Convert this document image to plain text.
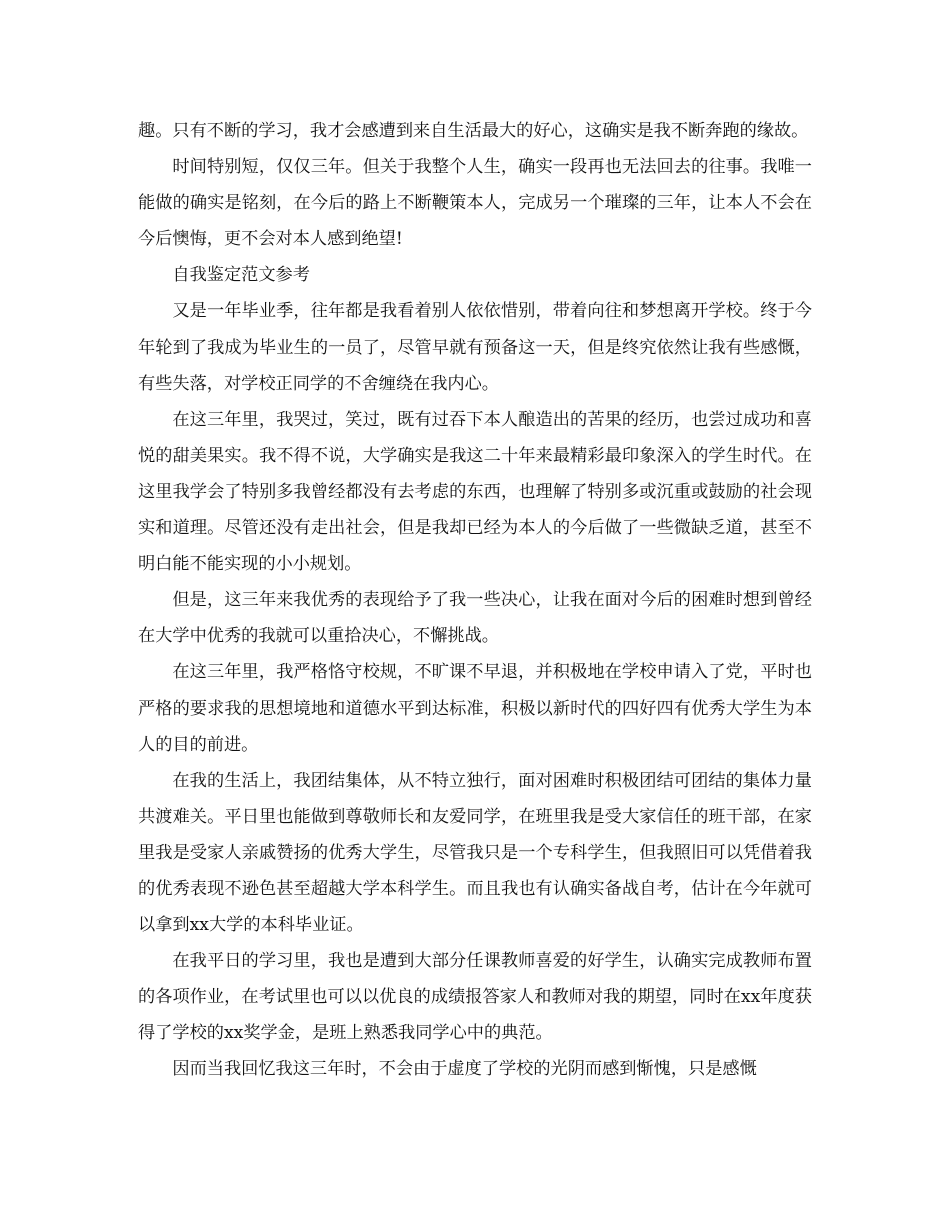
趣。只有不断的学习，我才会感遭到来自生活最大的好心，这确实是我不断奔跑的缘故。

时间特别短，仅仅三年。但关于我整个人生，确实一段再也无法回去的往事。我唯一能做的确实是铭刻，在今后的路上不断鞭策本人，完成另一个璀璨的三年，让本人不会在今后懊悔，更不会对本人感到绝望!

自我鉴定范文参考

又是一年毕业季，往年都是我看着别人依依惜别，带着向往和梦想离开学校。终于今年轮到了我成为毕业生的一员了，尽管早就有预备这一天，但是终究依然让我有些感慨，有些失落，对学校正同学的不舍缠绕在我内心。

在这三年里，我哭过，笑过，既有过吞下本人酿造出的苦果的经历，也尝过成功和喜悦的甜美果实。我不得不说，大学确实是我这二十年来最精彩最印象深入的学生时代。在这里我学会了特别多我曾经都没有去考虑的东西，也理解了特别多或沉重或鼓励的社会现实和道理。尽管还没有走出社会，但是我却已经为本人的今后做了一些微缺乏道，甚至不明白能不能实现的小小规划。

但是，这三年来我优秀的表现给予了我一些决心，让我在面对今后的困难时想到曾经在大学中优秀的我就可以重拾决心，不懈挑战。

在这三年里，我严格恪守校规，不旷课不早退，并积极地在学校申请入了党，平时也严格的要求我的思想境地和道德水平到达标准，积极以新时代的四好四有优秀大学生为本人的目的前进。

在我的生活上，我团结集体，从不特立独行，面对困难时积极团结可团结的集体力量共渡难关。平日里也能做到尊敬师长和友爱同学，在班里我是受大家信任的班干部，在家里我是受家人亲戚赞扬的优秀大学生，尽管我只是一个专科学生，但我照旧可以凭借着我的优秀表现不逊色甚至超越大学本科学生。而且我也有认确实备战自考，估计在今年就可以拿到xx大学的本科毕业证。

在我平日的学习里，我也是遭到大部分任课教师喜爱的好学生，认确实完成教师布置的各项作业，在考试里也可以以优良的成绩报答家人和教师对我的期望，同时在xx年度获得了学校的xx奖学金，是班上熟悉我同学心中的典范。

因而当我回忆我这三年时，不会由于虚度了学校的光阴而感到惭愧，只是感慨
